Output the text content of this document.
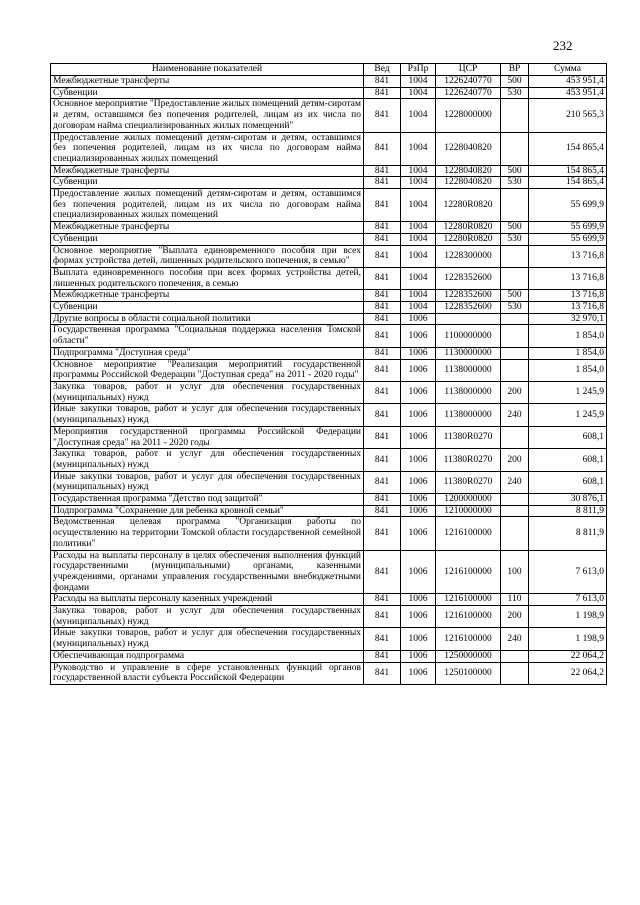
232
Наименование показателей	Вед	РзПр	ЦСР	ВР	Сумма
Межбюджетные трансферты	841	1004	1226240770	500	453 951,4
Субвенции	841	1004	1226240770	530	453 951,4
Основное мероприятие "Предоставление жилых помещений детям-сиротам и детям, оставшимся без попечения родителей, лицам из их числа по договорам найма специализированных жилых помещений"	841	1004	1228000000		210 565,3
Предоставление жилых помещений детям-сиротам и детям, оставшимся без попечения родителей, лицам из их числа по договорам найма специализированных жилых помещений	841	1004	1228040820		154 865,4
Межбюджетные трансферты	841	1004	1228040820	500	154 865,4
Субвенции	841	1004	1228040820	530	154 865,4
Предоставление жилых помещений детям-сиротам и детям, оставшимся без попечения родителей, лицам из их числа по договорам найма специализированных жилых помещений	841	1004	12280R0820		55 699,9
Межбюджетные трансферты	841	1004	12280R0820	500	55 699,9
Субвенции	841	1004	12280R0820	530	55 699,9
Основное мероприятие "Выплата единовременного пособия при всех формах устройства детей, лишенных родительского попечения, в семью"	841	1004	1228300000		13 716,8
Выплата единовременного пособия при всех формах устройства детей, лишенных родительского попечения, в семью	841	1004	1228352600		13 716,8
Межбюджетные трансферты	841	1004	1228352600	500	13 716,8
Субвенции	841	1004	1228352600	530	13 716,8
Другие вопросы в области социальной политики	841	1006			32 970,1
Государственная программа "Социальная поддержка населения Томской области"	841	1006	1100000000		1 854,0
Подпрограмма "Доступная среда"	841	1006	1130000000		1 854,0
Основное мероприятие "Реализация мероприятий государственной программы Российской Федерации "Доступная среда" на 2011 - 2020 годы"	841	1006	1138000000		1 854,0
Закупка товаров, работ и услуг для обеспечения государственных (муниципальных) нужд	841	1006	1138000000	200	1 245,9
Иные закупки товаров, работ и услуг для обеспечения государственных (муниципальных) нужд	841	1006	1138000000	240	1 245,9
Мероприятия государственной программы Российской Федерации "Доступная среда" на 2011 - 2020 годы	841	1006	11380R0270		608,1
Закупка товаров, работ и услуг для обеспечения государственных (муниципальных) нужд	841	1006	11380R0270	200	608,1
Иные закупки товаров, работ и услуг для обеспечения государственных (муниципальных) нужд	841	1006	11380R0270	240	608,1
Государственная программа "Детство под защитой"	841	1006	1200000000		30 876,1
Подпрограмма "Сохранение для ребенка кровной семьи"	841	1006	1210000000		8 811,9
Ведомственная целевая программа "Организация работы по осуществлению на территории Томской области государственной семейной политики"	841	1006	1216100000		8 811,9
Расходы на выплаты персоналу в целях обеспечения выполнения функций государственными (муниципальными) органами, казенными учреждениями, органами управления государственными внебюджетными фондами	841	1006	1216100000	100	7 613,0
Расходы на выплаты персоналу казенных учреждений	841	1006	1216100000	110	7 613,0
Закупка товаров, работ и услуг для обеспечения государственных (муниципальных) нужд	841	1006	1216100000	200	1 198,9
Иные закупки товаров, работ и услуг для обеспечения государственных (муниципальных) нужд	841	1006	1216100000	240	1 198,9
Обеспечивающая подпрограмма	841	1006	1250000000		22 064,2
Руководство и управление в сфере установленных функций органов государственной власти субъекта Российской Федерации	841	1006	1250100000		22 064,2
